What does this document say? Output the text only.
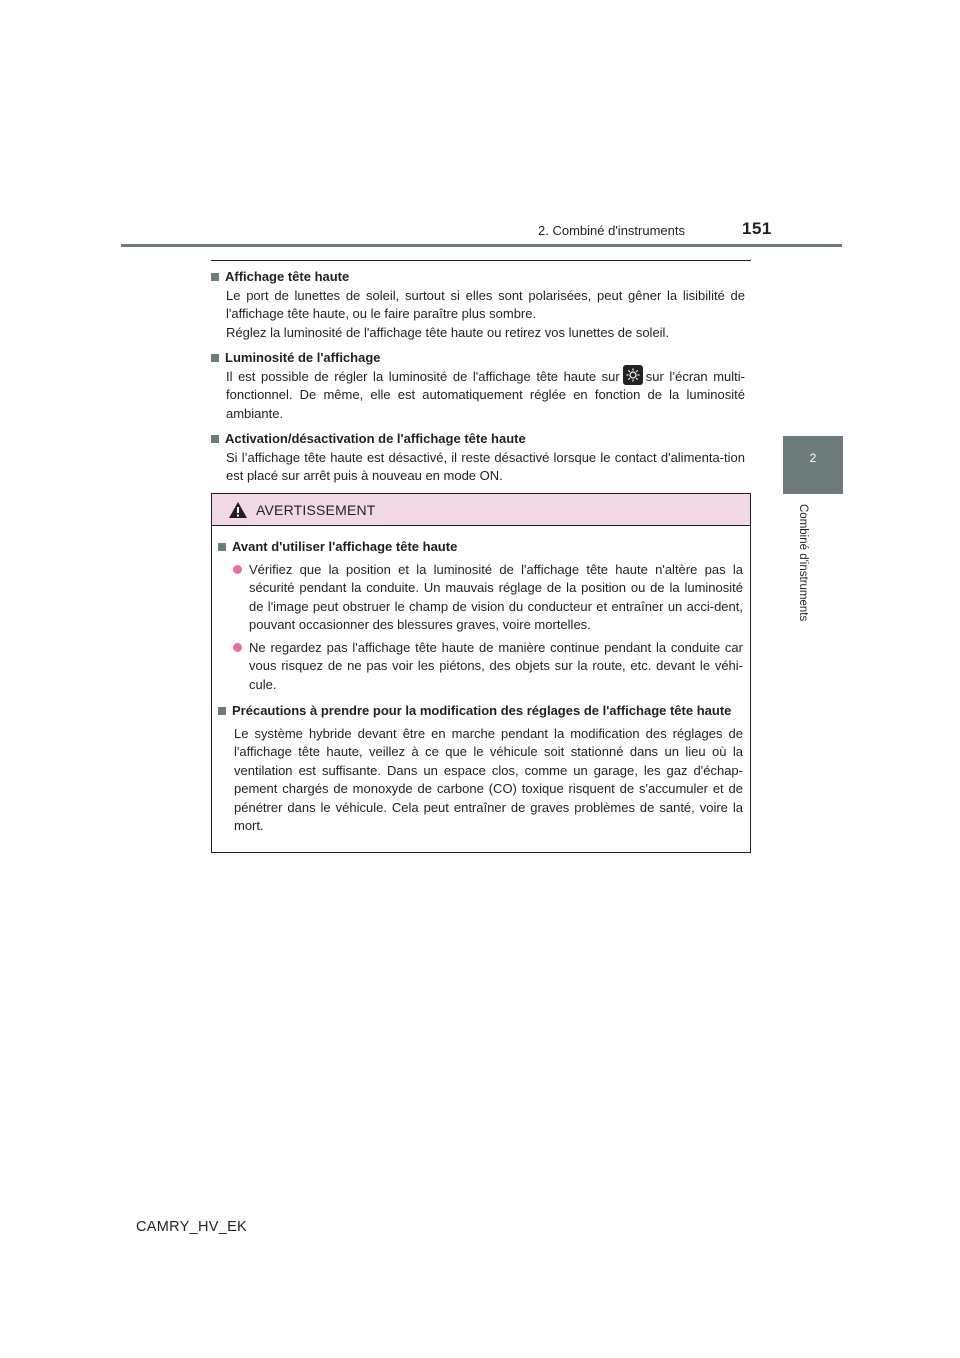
2. Combiné d'instruments	151
2
Combiné d'instruments
Affichage tête haute
Le port de lunettes de soleil, surtout si elles sont polarisées, peut gêner la lisibilité de l'affichage tête haute, ou le faire paraître plus sombre.
Réglez la luminosité de l'affichage tête haute ou retirez vos lunettes de soleil.
Luminosité de l'affichage
Il est possible de régler la luminosité de l'affichage tête haute sur sur l’écran multi-fonctionnel. De même, elle est automatiquement réglée en fonction de la luminosité ambiante.
Activation/désactivation de l'affichage tête haute
Si l’affichage tête haute est désactivé, il reste désactivé lorsque le contact d'alimenta-tion est placé sur arrêt puis à nouveau en mode ON.
AVERTISSEMENT
Avant d'utiliser l'affichage tête haute
Vérifiez que la position et la luminosité de l'affichage tête haute n'altère pas la sécurité pendant la conduite. Un mauvais réglage de la position ou de la luminosité de l'image peut obstruer le champ de vision du conducteur et entraîner un acci-dent, pouvant occasionner des blessures graves, voire mortelles.
Ne regardez pas l'affichage tête haute de manière continue pendant la conduite car vous risquez de ne pas voir les piétons, des objets sur la route, etc. devant le véhi-cule.
Précautions à prendre pour la modification des réglages de l'affichage tête haute
Le système hybride devant être en marche pendant la modification des réglages de l'affichage tête haute, veillez à ce que le véhicule soit stationné dans un lieu où la ventilation est suffisante. Dans un espace clos, comme un garage, les gaz d'échap-pement chargés de monoxyde de carbone (CO) toxique risquent de s'accumuler et de pénétrer dans le véhicule. Cela peut entraîner de graves problèmes de santé, voire la mort.
CAMRY_HV_EK
